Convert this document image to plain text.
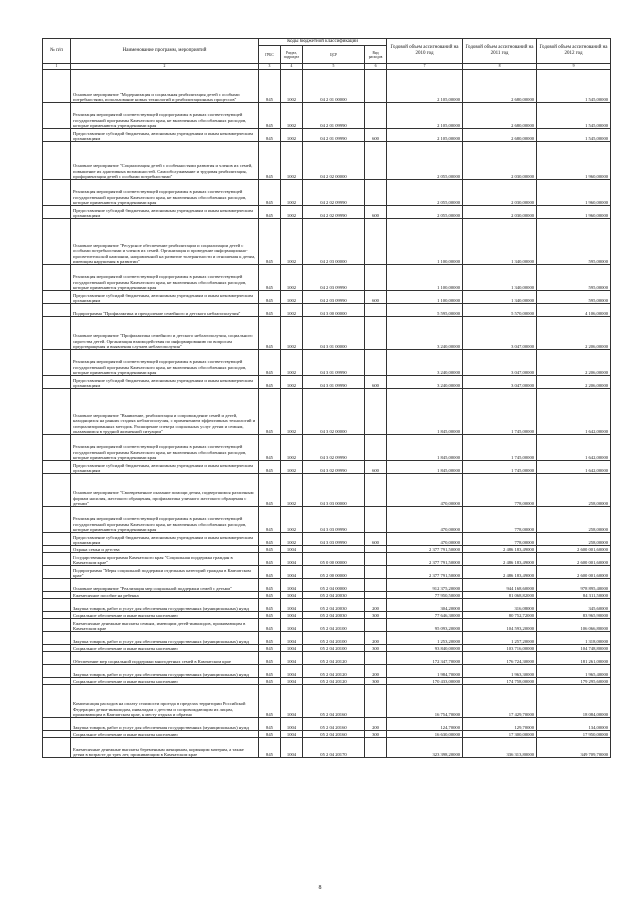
№ п/п	Наименование программ, мероприятий	Коды бюджетной классификации				Годовой объем ассигнований на 2010 год	Годовой объем ассигнований на 2011 год	Годовой объем ассигнований на 2012 год
		ГРБС	Раздел, подраздел	ЦСР	Вид расходов			
1	2	3	4	5	6	7	8	9
	Основное мероприятие "Модернизация и социальная реабилитация детей с особыми потребностями, использование новых технологий и реабилитационных процессов"	845	1002	04 2 01 00000		2 105,00000	2 680,00000	1 545,00000
	Реализация мероприятий соответствующей подпрограммы в рамках соответствующей государственной программы Камчатского края, не включенных обособленных расходов, которые применяются учреждениями края	845	1002	04 2 01 09990		2 105,00000	2 680,00000	1 545,00000
	Предоставление субсидий бюджетным, автономным учреждениям и иным некоммерческим организациям	845	1002	04 2 01 09990	600	2 105,00000	2 680,00000	1 545,00000
	Основное мероприятие "Социализация детей с особенностями развития и членов их семей, повышение их адаптивных возможностей. Самообслуживание и трудовая реабилитация, профориентация детей с особыми потребностями"	845	1002	04 2 02 00000		2 055,00000	2 030,00000	1 960,00000
	Реализация мероприятий соответствующей подпрограммы в рамках соответствующей государственной программы Камчатского края, не включенных обособленных расходов, которые применяются учреждениями края	845	1002	04 2 02 09990		2 055,00000	2 030,00000	1 960,00000
	Предоставление субсидий бюджетным, автономным учреждениям и иным некоммерческим организациям	845	1002	04 2 02 09990	600	2 055,00000	2 030,00000	1 960,00000
	Основное мероприятие "Ресурсное обеспечение реабилитации и социализации детей с особыми потребностями и членов их семей. Организация и проведение информационно-просветительской кампании, направленной на развитие толерантности и отношения к детям, имеющим нарушения в развитии"	845	1002	04 2 03 00000		1 100,00000	1 340,00000	595,00000
	Реализация мероприятий соответствующей подпрограммы в рамках соответствующей государственной программы Камчатского края, не включенных обособленных расходов, которые применяются учреждениями края	845	1002	04 2 03 09990		1 100,00000	1 340,00000	595,00000
	Предоставление субсидий бюджетным, автономным учреждениям и иным некоммерческим организациям	845	1002	04 2 03 09990	600	1 100,00000	1 340,00000	595,00000
	Подпрограмма "Профилактика и преодоление семейного и детского неблагополучия"	845	1002	04 3 00 00000		5 595,00000	5 570,00000	4 106,00000
	Основное мероприятие "Профилактика семейного и детского неблагополучия, социального сиротства детей. Организация взаимодействия по информированию по вопросам предотвращения и выявления случаев неблагополучия"	845	1002	04 3 01 00000		3 240,00000	3 047,00000	2 206,00000
	Реализация мероприятий соответствующей подпрограммы в рамках соответствующей государственной программы Камчатского края, не включенных обособленных расходов, которые применяются учреждениями края	845	1002	04 3 01 09990		3 240,00000	3 047,00000	2 206,00000
	Предоставление субсидий бюджетным, автономным учреждениям и иным некоммерческим организациям	845	1002	04 3 01 09990	600	3 240,00000	3 047,00000	2 206,00000
	Основное мероприятие "Выявление, реабилитация и сопровождение семей и детей, находящихся на ранних стадиях неблагополучия, с применением эффективных технологий и специализированных методик. Расширение спектра социальных услуг детям и семьям, оказавшимся в трудной жизненной ситуации"	845	1002	04 3 02 00000		1 845,00000	1 745,00000	1 642,00000
	Реализация мероприятий соответствующей подпрограммы в рамках соответствующей государственной программы Камчатского края, не включенных обособленных расходов, которые применяются учреждениями края	845	1002	04 3 02 09990		1 845,00000	1 745,00000	1 642,00000
	Предоставление субсидий бюджетным, автономным учреждениям и иным некоммерческим организациям	845	1002	04 3 02 09990	600	1 845,00000	1 745,00000	1 642,00000
	Основное мероприятие "Своевременное оказание помощи детям, подвергшимся различным формам насилия, жестокого обращения, профилактика уличного жестокого обращения с детьми"	845	1002	04 3 03 00000		470,00000	778,00000	258,00000
	Реализация мероприятий соответствующей подпрограммы в рамках соответствующей государственной программы Камчатского края, не включенных обособленных расходов, которые применяются учреждениями края	845	1002	04 3 03 09990		470,00000	778,00000	258,00000
	Предоставление субсидий бюджетным, автономным учреждениям и иным некоммерческим организациям	845	1002	04 3 03 09990	600	470,00000	778,00000	258,00000
	Охрана семьи и детства	845	1004			2 377 791,50000	2 486 183,49000	2 600 001,60000
	Государственная программа Камчатского края "Социальная поддержка граждан в Камчатском крае"	845	1004	05 0 00 00000		2 377 791,50000	2 486 183,49000	2 600 001,60000
	Подпрограмма "Меры социальной поддержки отдельных категорий граждан в Камчатском крае"	845	1004	05 2 00 00000		2 377 791,50000	2 486 183,49000	2 600 001,60000
	Основное мероприятие "Реализация мер социальной поддержки семей с детьми"	845	1004	05 2 04 00000		912 375,20000	944 168,60000	978 895,40000
	Ежемесячное пособие на ребенка	845	1004	05 2 04 20030		77 950,50000	81 068,82000	84 311,50000
	Закупка товаров, работ и услуг для обеспечения государственных (муниципальных) нужд	845	1004	05 2 04 20030	200	304,20000	316,08000	345,60000
	Социальное обеспечение и иные выплаты населению	845	1004	05 2 04 20030	300	77 646,30000	80 752,72000	83 965,90000
	Ежемесячные денежные выплаты семьям, имеющим детей-инвалидов, проживающим в Камчатском крае	845	1004	05 2 04 20100		95 093,20000	104 593,20000	106 066,80000
	Закупка товаров, работ и услуг для обеспечения государственных (муниципальных) нужд	845	1004	05 2 04 20100	200	1 253,20000	1 257,20000	1 318,00000
	Социальное обеспечение и иные выплаты населению	845	1004	05 2 04 20100	300	93 840,00000	103 716,00000	104 748,80000
	Обеспечение мер социальной поддержки многодетных семей в Камчатском крае	845	1004	05 2 04 20120		172 347,70000	176 724,30000	181 261,00000
	Закупка товаров, работ и услуг для обеспечения государственных (муниципальных) нужд	845	1004	05 2 04 20120	200	1 984,70000	1 963,30000	1 965,40000
	Социальное обеспечение и иные выплаты населению	845	1004	05 2 04 20120	300	170 433,00000	174 758,00000	179 295,60000
	Компенсация расходов на оплату стоимости проезда в пределах территории Российской Федерации детям-инвалидам, инвалидам с детства и сопровождающим их лицам, проживающим в Камчатском крае, к месту отдыха и обратно	845	1004	05 2 04 20160		16 754,70000	17 429,70000	18 084,00000
	Закупка товаров, работ и услуг для обеспечения государственных (муниципальных) нужд	845	1004	05 2 04 20160	200	124,70000	129,70000	134,00000
	Социальное обеспечение и иные выплаты населению	845	1004	05 2 04 20160	300	16 630,00000	17 300,00000	17 950,00000
	Ежемесячные денежные выплаты беременным женщинам, кормящим матерям, а также детям в возрасте до трех лет, проживающим в Камчатском крае	845	1004	05 2 04 20170		323 398,20000	336 313,80000	349 709,70000
8
